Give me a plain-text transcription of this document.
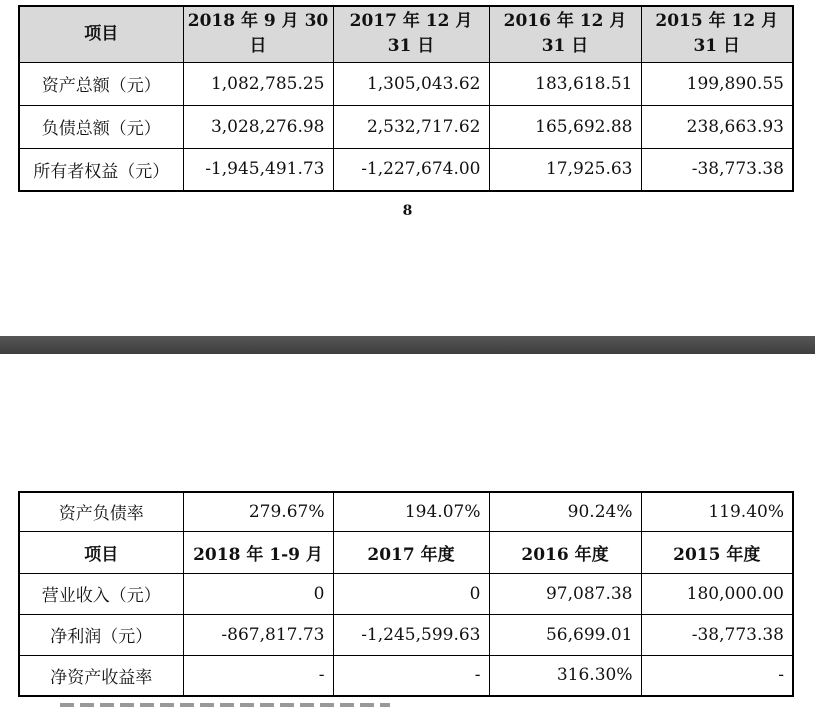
项目	2018 年 9 月 30 日	2017 年 12 月 31 日	2016 年 12 月 31 日	2015 年 12 月 31 日
资产总额（元）	1,082,785.25	1,305,043.62	183,618.51	199,890.55
负债总额（元）	3,028,276.98	2,532,717.62	165,692.88	238,663.93
所有者权益（元）	-1,945,491.73	-1,227,674.00	17,925.63	-38,773.38
8
资产负债率	279.67%	194.07%	90.24%	119.40%
项目	2018 年 1-9 月	2017 年度	2016 年度	2015 年度
营业收入（元）	0	0	97,087.38	180,000.00
净利润（元）	-867,817.73	-1,245,599.63	56,699.01	-38,773.38
净资产收益率	-	-	316.30%	-
